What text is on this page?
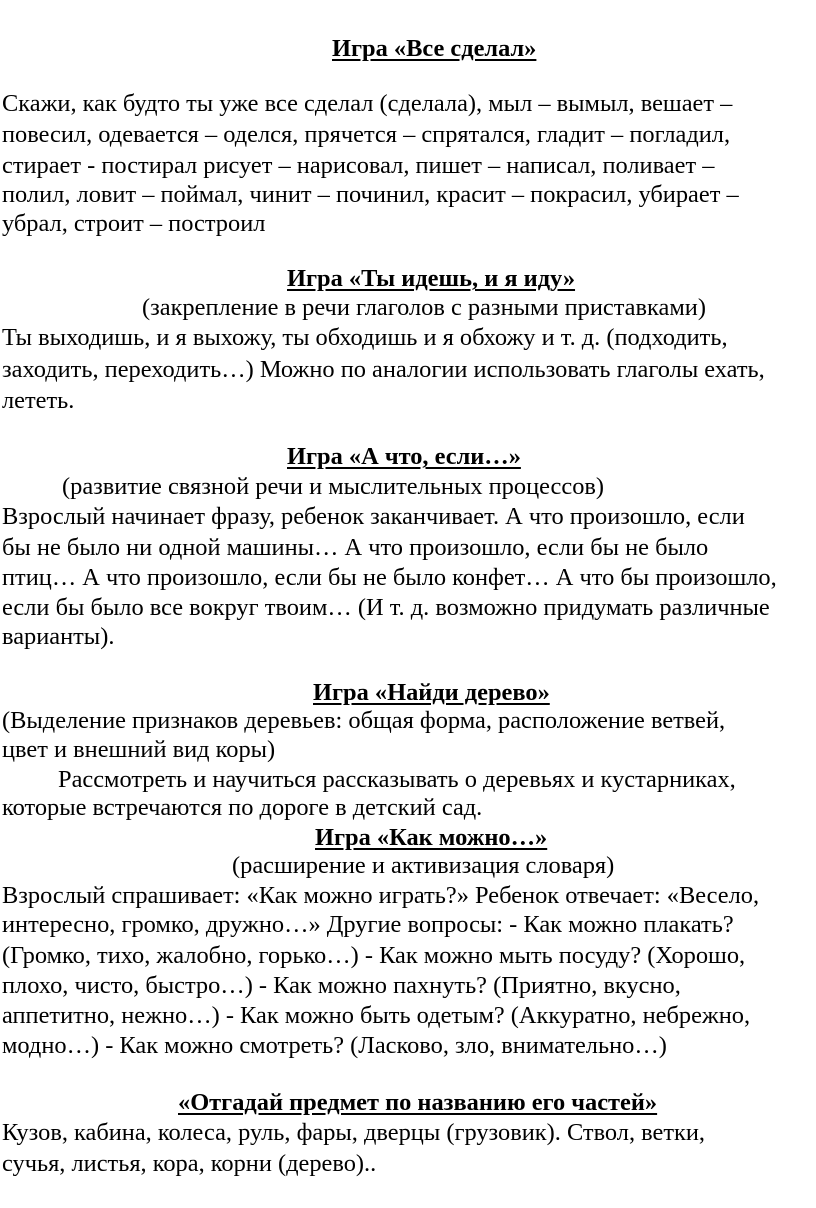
Игра «Все сделал»
Скажи, как будто ты уже все сделал (сделала), мыл – вымыл, вешает –
повесил, одевается – оделся, прячется – спрятался, гладит – погладил,
стирает - постирал рисует – нарисовал, пишет – написал, поливает –
полил, ловит – поймал, чинит – починил, красит – покрасил, убирает –
убрал, строит – построил
Игра «Ты идешь, и я иду»
(закрепление в речи глаголов с разными приставками)
Ты выходишь, и я выхожу, ты обходишь и я обхожу и т. д. (подходить,
заходить, переходить…) Можно по аналогии использовать глаголы ехать,
лететь.
Игра «А что, если…»
(развитие связной речи и мыслительных процессов)
Взрослый начинает фразу, ребенок заканчивает. А что произошло, если
бы не было ни одной машины… А что произошло, если бы не было
птиц… А что произошло, если бы не было конфет… А что бы произошло,
если бы было все вокруг твоим… (И т. д. возможно придумать различные
варианты).
Игра «Найди дерево»
(Выделение признаков деревьев: общая форма, расположение ветвей,
цвет и внешний вид коры)
Рассмотреть и научиться рассказывать о деревьях и кустарниках,
которые встречаются по дороге в детский сад.
Игра «Как можно…»
(расширение и активизация словаря)
Взрослый спрашивает: «Как можно играть?» Ребенок отвечает: «Весело,
интересно, громко, дружно…» Другие вопросы: - Как можно плакать?
(Громко, тихо, жалобно, горько…) - Как можно мыть посуду? (Хорошо,
плохо, чисто, быстро…) - Как можно пахнуть? (Приятно, вкусно,
аппетитно, нежно…) - Как можно быть одетым? (Аккуратно, небрежно,
модно…) - Как можно смотреть? (Ласково, зло, внимательно…)
«Отгадай предмет по названию его частей»
Кузов, кабина, колеса, руль, фары, дверцы (грузовик). Ствол, ветки,
сучья, листья, кора, корни (дерево)..
